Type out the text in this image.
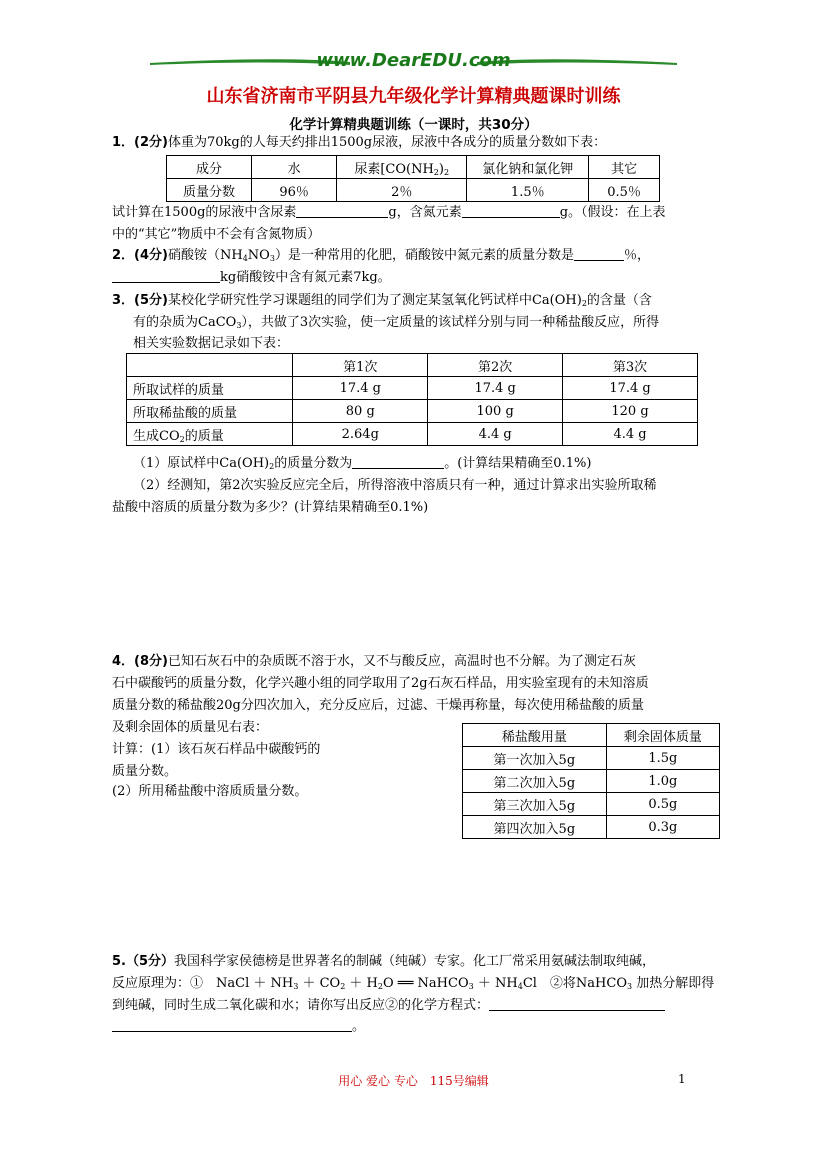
www.DearEDU.com
山东省济南市平阴县九年级化学计算精典题课时训练
化学计算精典题训练（一课时，共30分）
1．(2分)体重为70kg的人每天约排出1500g尿液，尿液中各成分的质量分数如下表：
成分	水	尿素[$CO(NH_2)_2$	氯化钠和氯化钾	其它
质量分数	96％	2％	1.5％	0.5％
试计算在1500g的尿液中含尿素	g，含氮元素	g。（假设：在上表
中的“其它”物质中不会有含氮物质）
2．(4分)硝酸铵$(NH_4NO_3)$是一种常用的化肥，硝酸铵中氮元素的质量分数是	％，
kg硝酸铵中含有氮元素7kg。
3．(5分)某校化学研究性学习课题组的同学们为了测定某氢氧化钙试样中$Ca(OH)_2$的含量（含
有的杂质为CaCO$_3$），共做了3次实验，使一定质量的该试样分别与同一种稀盐酸反应，所得
相关实验数据记录如下表：
	第1次	第2次	第3次
所取试样的质量	17.4 g	17.4 g	17.4 g
所取稀盐酸的质量	80 g	100 g	120 g
生成$CO_2$的质量	2.64g	4.4 g	4.4 g
（1）原试样中$Ca(OH)_2$的质量分数为	。(计算结果精确至0.1%)
（2）经测知，第2次实验反应完全后，所得溶液中溶质只有一种，通过计算求出实验所取稀
盐酸中溶质的质量分数为多少？(计算结果精确至0.1%)
4．(8分)已知石灰石中的杂质既不溶于水，又不与酸反应，高温时也不分解。为了测定石灰
石中碳酸钙的质量分数，化学兴趣小组的同学取用了2g石灰石样品，用实验室现有的未知溶质
质量分数的稀盐酸20g分四次加入，充分反应后，过滤、干燥再称量，每次使用稀盐酸的质量
及剩余固体的质量见右表：
计算：(1）该石灰石样品中碳酸钙的
质量分数。
(2）所用稀盐酸中溶质质量分数。
稀盐酸用量	剩余固体质量
第一次加入5g	1.5g
第二次加入5g	1.0g
第三次加入5g	0.5g
第四次加入5g	0.3g
5.（5分）我国科学家侯德榜是世界著名的制碱（纯碱）专家。化工厂常采用氨碱法制取纯碱，
反应原理为：①　NaCl ＋ $NH_3 + CO_2 + H_2O$ ══ NaHCO$_3$ ＋ $NH_4Cl$　②将NaHCO$_3$ 加热分解即得
到纯碱，同时生成二氧化碳和水；请你写出反应②的化学方程式：
。
用心 爱心 专心　115号编辑	1
